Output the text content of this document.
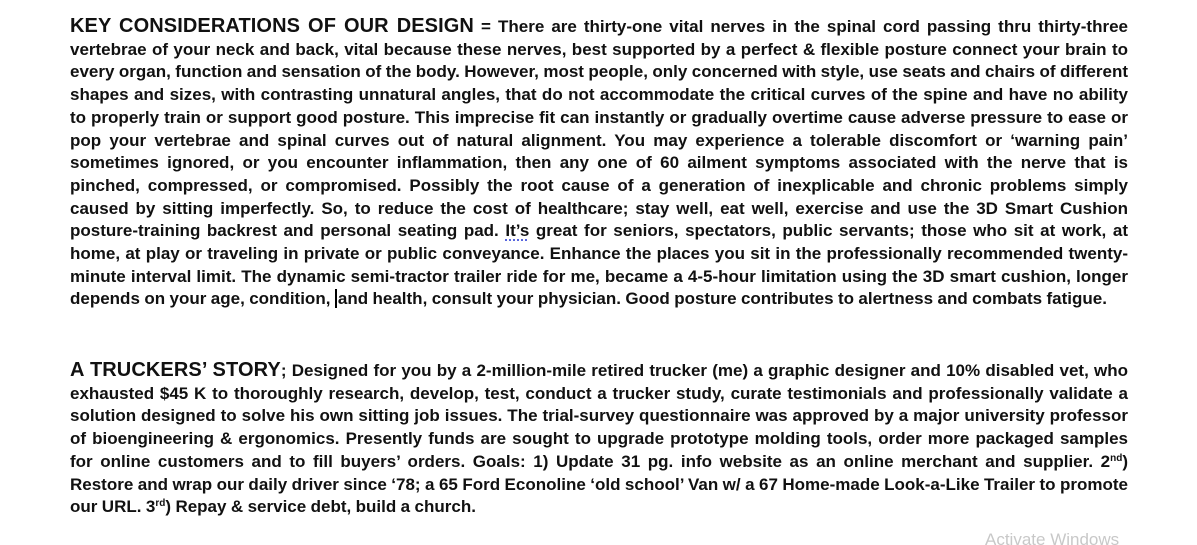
KEY CONSIDERATIONS OF OUR DESIGN = There are thirty-one vital nerves in the spinal cord passing thru thirty-three vertebrae of your neck and back, vital because these nerves, best supported by a perfect & flexible posture connect your brain to every organ, function and sensation of the body. However, most people, only concerned with style, use seats and chairs of different shapes and sizes, with contrasting unnatural angles, that do not accommodate the critical curves of the spine and have no ability to properly train or support good posture. This imprecise fit can instantly or gradually overtime cause adverse pressure to ease or pop your vertebrae and spinal curves out of natural alignment. You may experience a tolerable discomfort or ‘warning pain’ sometimes ignored, or you encounter inflammation, then any one of 60 ailment symptoms associated with the nerve that is pinched, compressed, or compromised. Possibly the root cause of a generation of inexplicable and chronic problems simply caused by sitting imperfectly. So, to reduce the cost of healthcare; stay well, eat well, exercise and use the 3D Smart Cushion posture-training backrest and personal seating pad. It’s great for seniors, spectators, public servants; those who sit at work, at home, at play or traveling in private or public conveyance. Enhance the places you sit in the professionally recommended twenty-minute interval limit. The dynamic semi-tractor trailer ride for me, became a 4-5-hour limitation using the 3D smart cushion, longer depends on your age, condition, and health, consult your physician. Good posture contributes to alertness and combats fatigue.

A TRUCKERS’ STORY; Designed for you by a 2-million-mile retired trucker (me) a graphic designer and 10% disabled vet, who exhausted $45 K to thoroughly research, develop, test, conduct a trucker study, curate testimonials and professionally validate a solution designed to solve his own sitting job issues. The trial-survey questionnaire was approved by a major university professor of bioengineering & ergonomics. Presently funds are sought to upgrade prototype molding tools, order more packaged samples for online customers and to fill buyers’ orders. Goals: 1) Update 31 pg. info website as an online merchant and supplier. 2nd) Restore and wrap our daily driver since ‘78; a 65 Ford Econoline ‘old school’ Van w/ a 67 Home-made Look-a-Like Trailer to promote our URL. 3rd) Repay & service debt, build a church.

Activate Windows
